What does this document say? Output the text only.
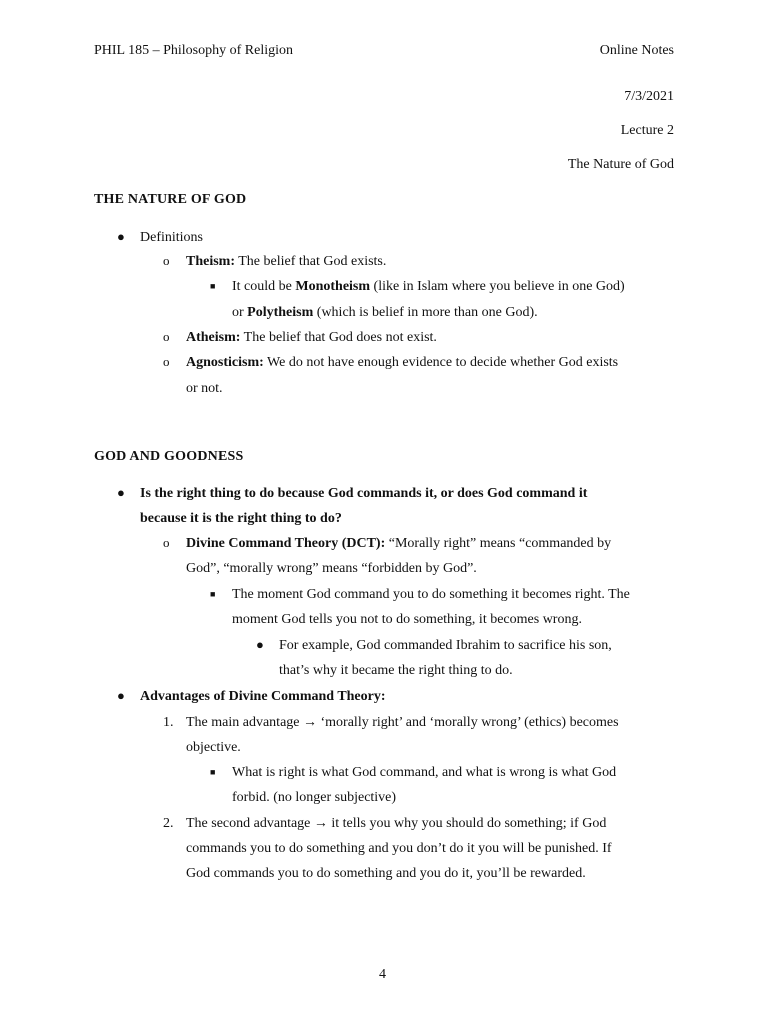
PHIL 185 – Philosophy of Religion	Online Notes
7/3/2021
Lecture 2
The Nature of God
THE NATURE OF GOD
● Definitions
o Theism: The belief that God exists.
■ It could be Monotheism (like in Islam where you believe in one God)
or Polytheism (which is belief in more than one God).
o Atheism: The belief that God does not exist.
o Agnosticism: We do not have enough evidence to decide whether God exists
or not.
GOD AND GOODNESS
● Is the right thing to do because God commands it, or does God command it
because it is the right thing to do?
o Divine Command Theory (DCT): “Morally right” means “commanded by
God”, “morally wrong” means “forbidden by God”.
■ The moment God command you to do something it becomes right. The
moment God tells you not to do something, it becomes wrong.
● For example, God commanded Ibrahim to sacrifice his son,
that’s why it became the right thing to do.
● Advantages of Divine Command Theory:
1. The main advantage → ‘morally right’ and ‘morally wrong’ (ethics) becomes
objective.
■ What is right is what God command, and what is wrong is what God
forbid. (no longer subjective)
2. The second advantage → it tells you why you should do something; if God
commands you to do something and you don’t do it you will be punished. If
God commands you to do something and you do it, you’ll be rewarded.
4
